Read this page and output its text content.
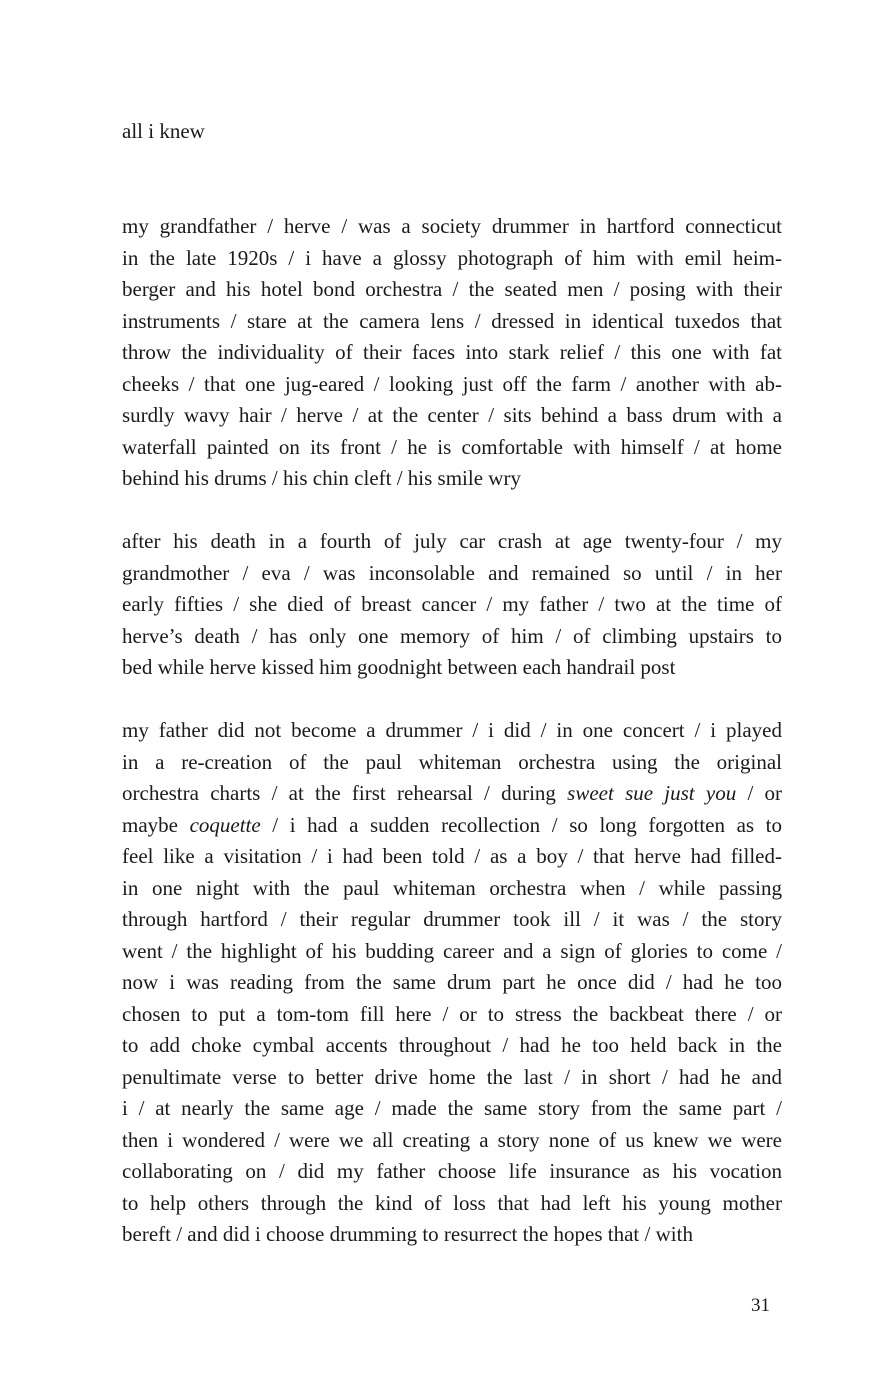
all i knew
my grandfather / herve / was a society drummer in hartford connecticut
in the late 1920s / i have a glossy photograph of him with emil heim-
berger and his hotel bond orchestra / the seated men / posing with their
instruments / stare at the camera lens / dressed in identical tuxedos that
throw the individuality of their faces into stark relief / this one with fat
cheeks / that one jug-eared / looking just off the farm / another with ab-
surdly wavy hair / herve / at the center / sits behind a bass drum with a
waterfall painted on its front / he is comfortable with himself / at home
behind his drums / his chin cleft / his smile wry
after his death in a fourth of july car crash at age twenty-four / my
grandmother / eva / was inconsolable and remained so until / in her
early fifties / she died of breast cancer / my father / two at the time of
herve’s death / has only one memory of him / of climbing upstairs to
bed while herve kissed him goodnight between each handrail post
my father did not become a drummer / i did / in one concert / i played
in a re-creation of the paul whiteman orchestra using the original
orchestra charts / at the first rehearsal / during sweet sue just you / or
maybe coquette / i had a sudden recollection / so long forgotten as to
feel like a visitation / i had been told / as a boy / that herve had filled-
in one night with the paul whiteman orchestra when / while passing
through hartford / their regular drummer took ill / it was / the story
went / the highlight of his budding career and a sign of glories to come /
now i was reading from the same drum part he once did / had he too
chosen to put a tom-tom fill here / or to stress the backbeat there / or
to add choke cymbal accents throughout / had he too held back in the
penultimate verse to better drive home the last / in short / had he and
i / at nearly the same age / made the same story from the same part /
then i wondered / were we all creating a story none of us knew we were
collaborating on / did my father choose life insurance as his vocation
to help others through the kind of loss that had left his young mother
bereft / and did i choose drumming to resurrect the hopes that / with
31
